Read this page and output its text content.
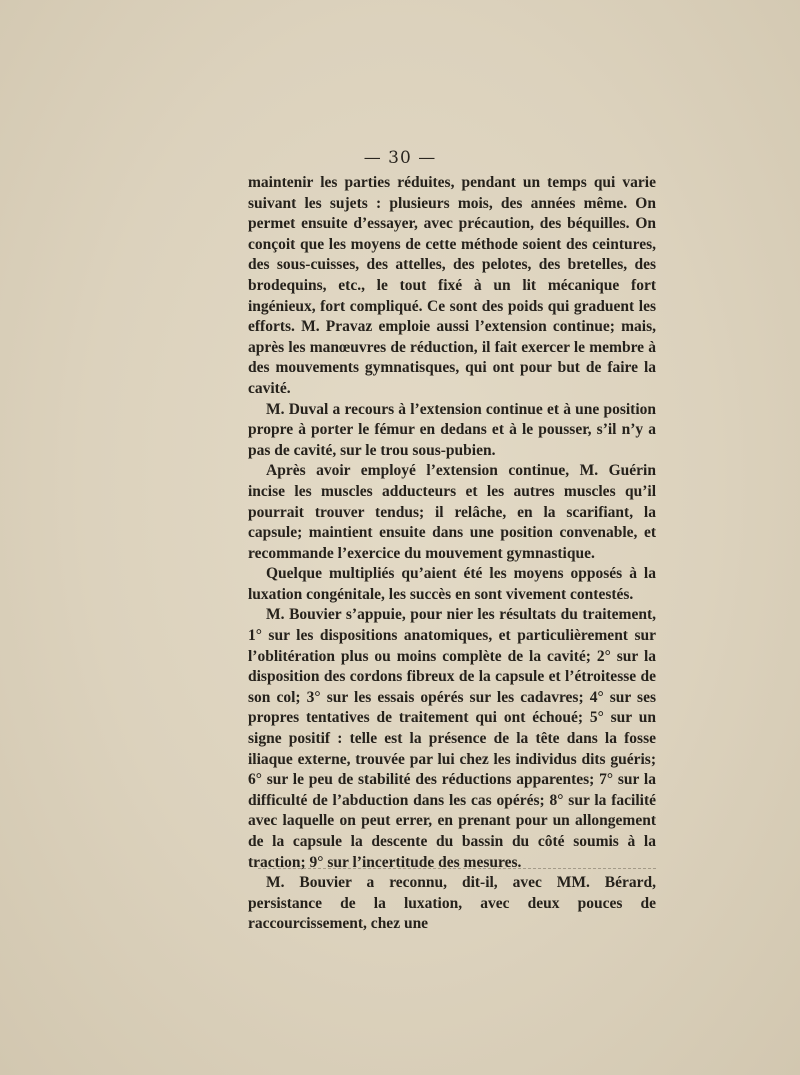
— 30 —

maintenir les parties réduites, pendant un temps qui varie suivant les sujets : plusieurs mois, des années même. On permet ensuite d’essayer, avec précaution, des béquilles. On conçoit que les moyens de cette méthode soient des ceintures, des sous-cuisses, des attelles, des pelotes, des bretelles, des brodequins, etc., le tout fixé à un lit mécanique fort ingénieux, fort compliqué. Ce sont des poids qui graduent les efforts. M. Pravaz emploie aussi l’extension continue; mais, après les manœuvres de réduction, il fait exercer le membre à des mouvements gymnatisques, qui ont pour but de faire la cavité.

M. Duval a recours à l’extension continue et à une position propre à porter le fémur en dedans et à le pousser, s’il n’y a pas de cavité, sur le trou sous-pubien.

Après avoir employé l’extension continue, M. Guérin incise les muscles adducteurs et les autres muscles qu’il pourrait trouver tendus; il relâche, en la scarifiant, la capsule; maintient ensuite dans une position convenable, et recommande l’exercice du mouvement gymnastique.

Quelque multipliés qu’aient été les moyens opposés à la luxation congénitale, les succès en sont vivement contestés.

M. Bouvier s’appuie, pour nier les résultats du traitement, 1° sur les dispositions anatomiques, et particulièrement sur l’oblitération plus ou moins complète de la cavité; 2° sur la disposition des cordons fibreux de la capsule et l’étroitesse de son col; 3° sur les essais opérés sur les cadavres; 4° sur ses propres tentatives de traitement qui ont échoué; 5° sur un signe positif : telle est la présence de la tête dans la fosse iliaque externe, trouvée par lui chez les individus dits guéris; 6° sur le peu de stabilité des réductions apparentes; 7° sur la difficulté de l’abduction dans les cas opérés; 8° sur la facilité avec laquelle on peut errer, en prenant pour un allongement de la capsule la descente du bassin du côté soumis à la traction; 9° sur l’incertitude des mesures.

M. Bouvier a reconnu, dit-il, avec MM. Bérard, persistance de la luxation, avec deux pouces de raccourcissement, chez une
